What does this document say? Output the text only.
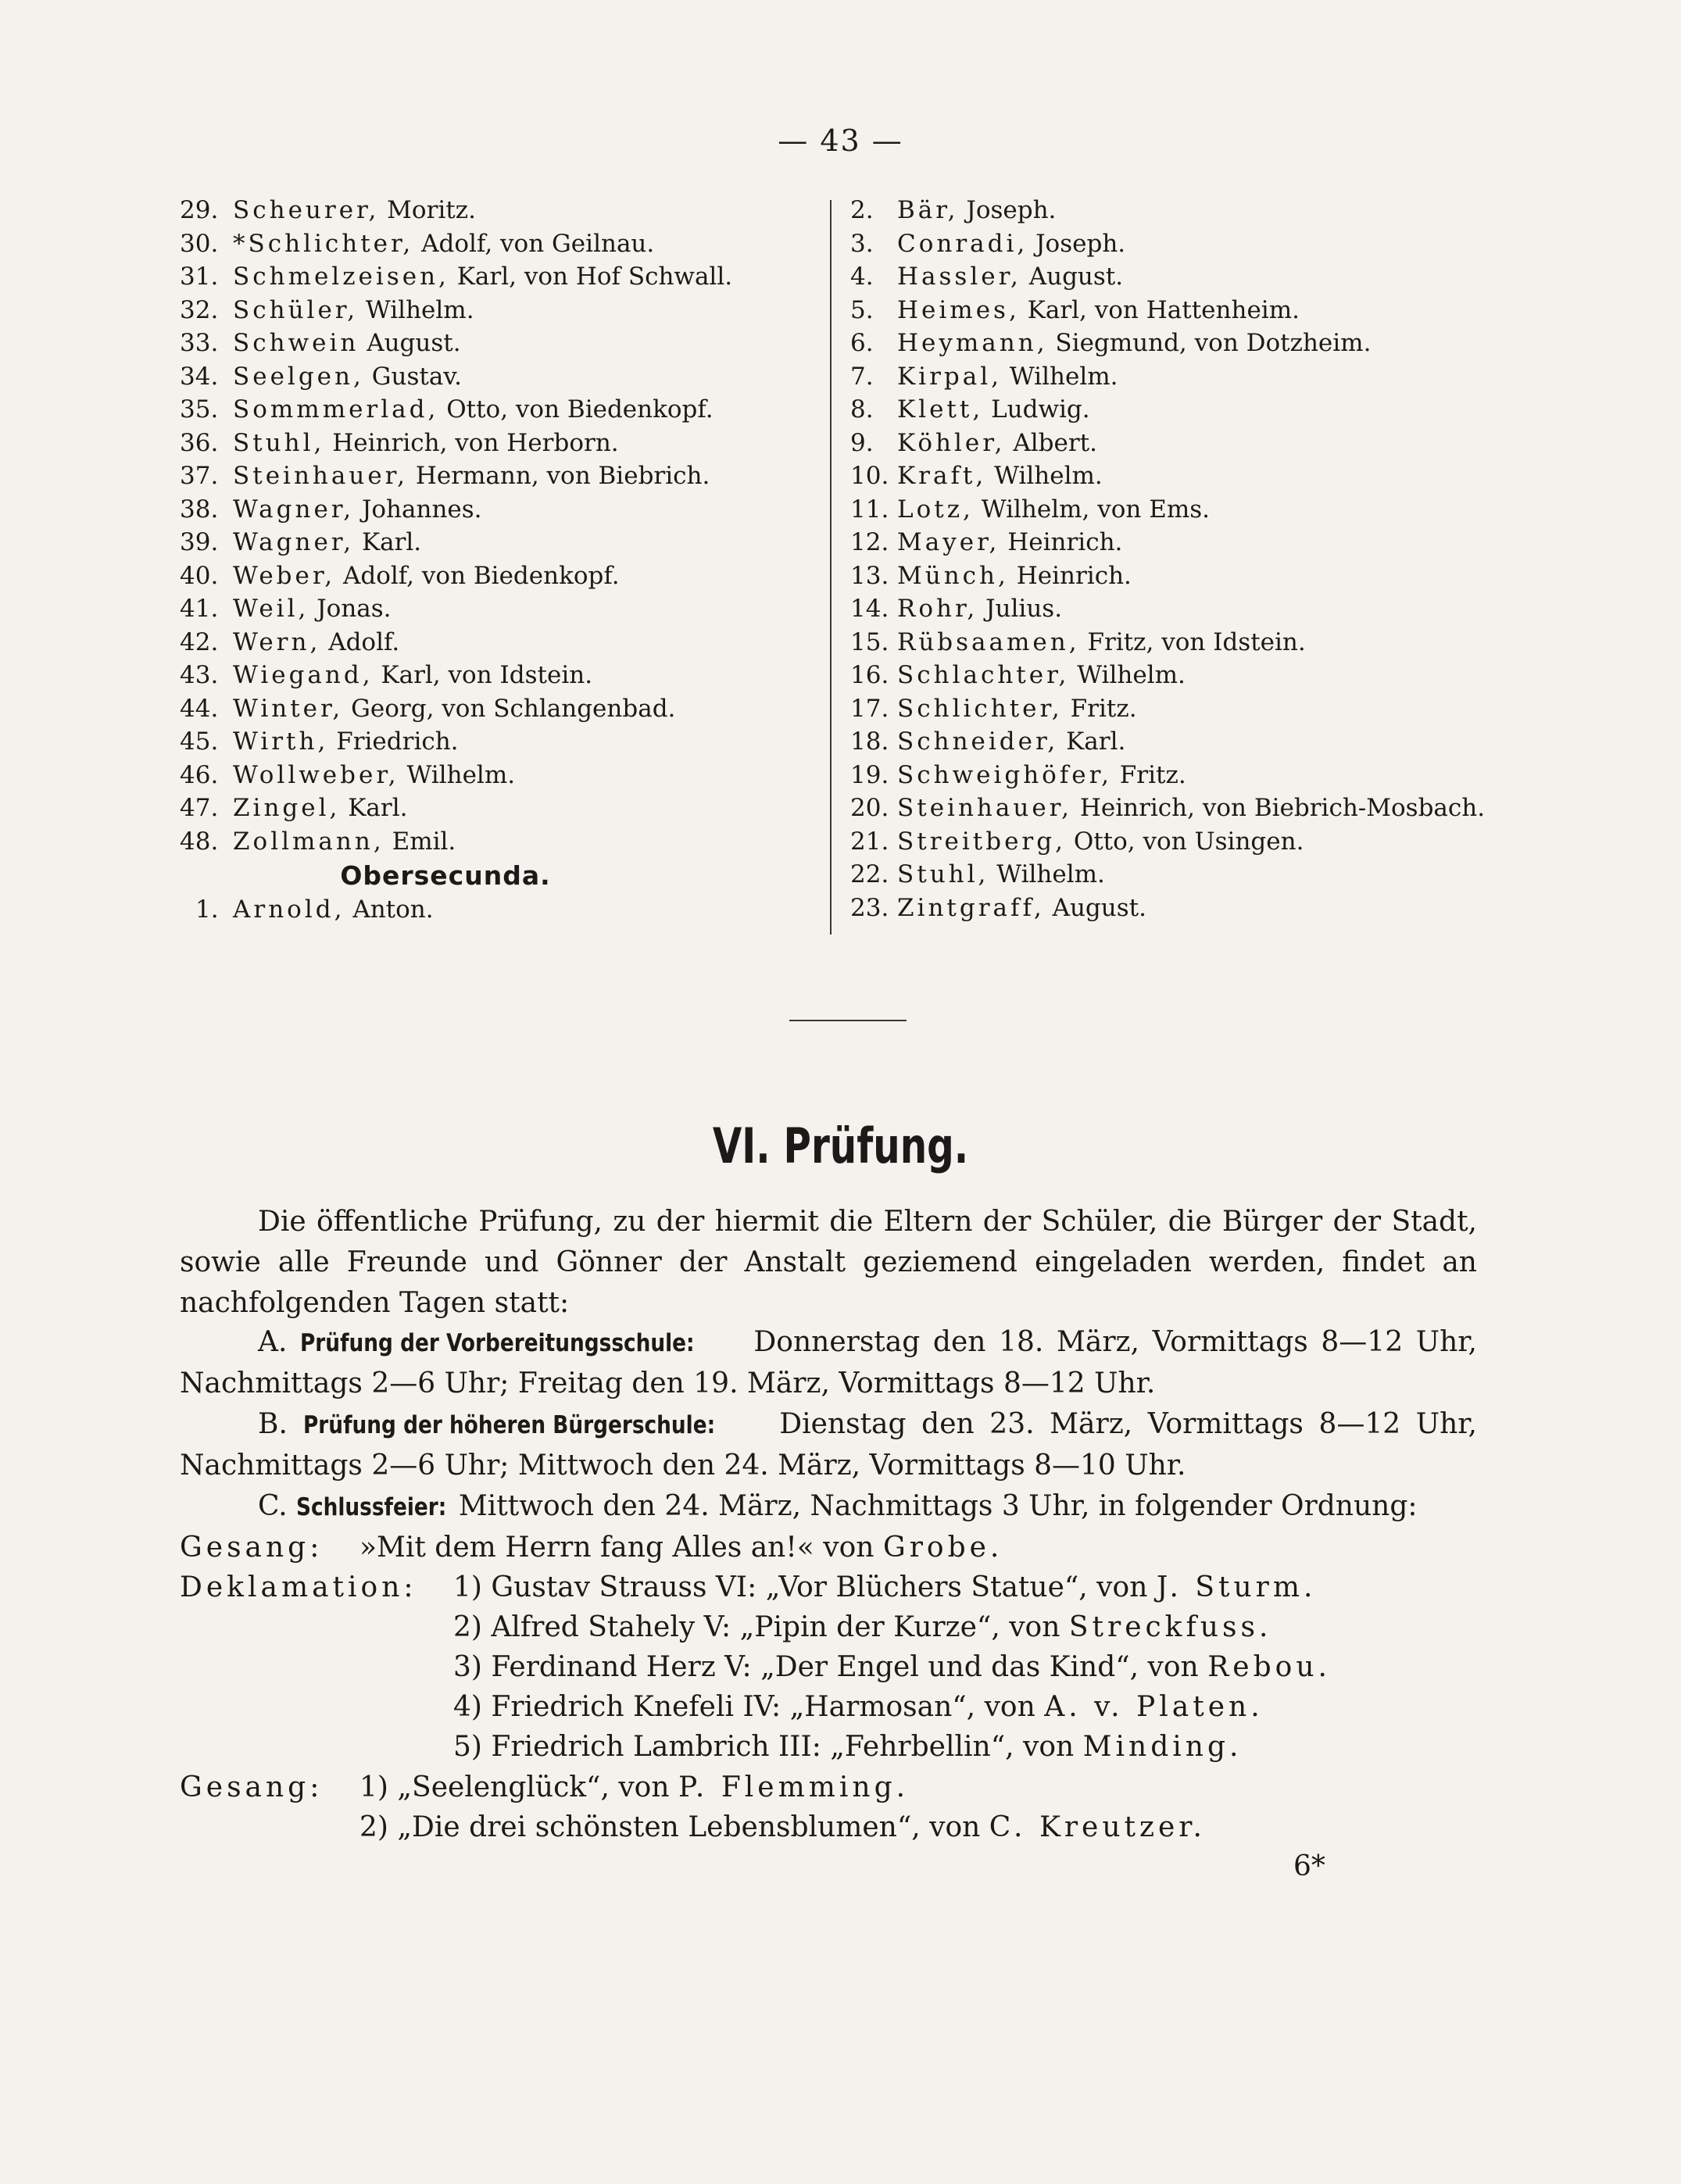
— 43 —
29. Scheurer, Moritz.
30. *Schlichter, Adolf, von Geilnau.
31. Schmelzeisen, Karl, von Hof Schwall.
32. Schüler, Wilhelm.
33. Schwein August.
34. Seelgen, Gustav.
35. Sommmerlad, Otto, von Biedenkopf.
36. Stuhl, Heinrich, von Herborn.
37. Steinhauer, Hermann, von Biebrich.
38. Wagner, Johannes.
39. Wagner, Karl.
40. Weber, Adolf, von Biedenkopf.
41. Weil, Jonas.
42. Wern, Adolf.
43. Wiegand, Karl, von Idstein.
44. Winter, Georg, von Schlangenbad.
45. Wirth, Friedrich.
46. Wollweber, Wilhelm.
47. Zingel, Karl.
48. Zollmann, Emil.
Obersecunda.
1. Arnold, Anton.
2. Bär, Joseph.
3. Conradi, Joseph.
4. Hassler, August.
5. Heimes, Karl, von Hattenheim.
6. Heymann, Siegmund, von Dotzheim.
7. Kirpal, Wilhelm.
8. Klett, Ludwig.
9. Köhler, Albert.
10. Kraft, Wilhelm.
11. Lotz, Wilhelm, von Ems.
12. Mayer, Heinrich.
13. Münch, Heinrich.
14. Rohr, Julius.
15. Rübsaamen, Fritz, von Idstein.
16. Schlachter, Wilhelm.
17. Schlichter, Fritz.
18. Schneider, Karl.
19. Schweighöfer, Fritz.
20. Steinhauer, Heinrich, von Biebrich-Mosbach.
21. Streitberg, Otto, von Usingen.
22. Stuhl, Wilhelm.
23. Zintgraff, August.
VI. Prüfung.
Die öffentliche Prüfung, zu der hiermit die Eltern der Schüler, die Bürger der Stadt, sowie alle Freunde und Gönner der Anstalt geziemend eingeladen werden, findet an nachfolgenden Tagen statt:
A. Prüfung der Vorbereitungsschule: Donnerstag den 18. März, Vormittags 8—12 Uhr, Nachmittags 2—6 Uhr; Freitag den 19. März, Vormittags 8—12 Uhr.
B. Prüfung der höheren Bürgerschule: Dienstag den 23. März, Vormittags 8—12 Uhr, Nachmittags 2—6 Uhr; Mittwoch den 24. März, Vormittags 8—10 Uhr.
C. Schlussfeier: Mittwoch den 24. März, Nachmittags 3 Uhr, in folgender Ordnung:
Gesang: »Mit dem Herrn fang Alles an!« von Grobe.
Deklamation: 1) Gustav Strauss VI: „Vor Blüchers Statue“, von J. Sturm.
2) Alfred Stahely V: „Pipin der Kurze“, von Streckfuss.
3) Ferdinand Herz V: „Der Engel und das Kind“, von Rebou.
4) Friedrich Knefeli IV: „Harmosan“, von A. v. Platen.
5) Friedrich Lambrich III: „Fehrbellin“, von Minding.
Gesang: 1) „Seelenglück“, von P. Flemming.
2) „Die drei schönsten Lebensblumen“, von C. Kreutzer.
6*
